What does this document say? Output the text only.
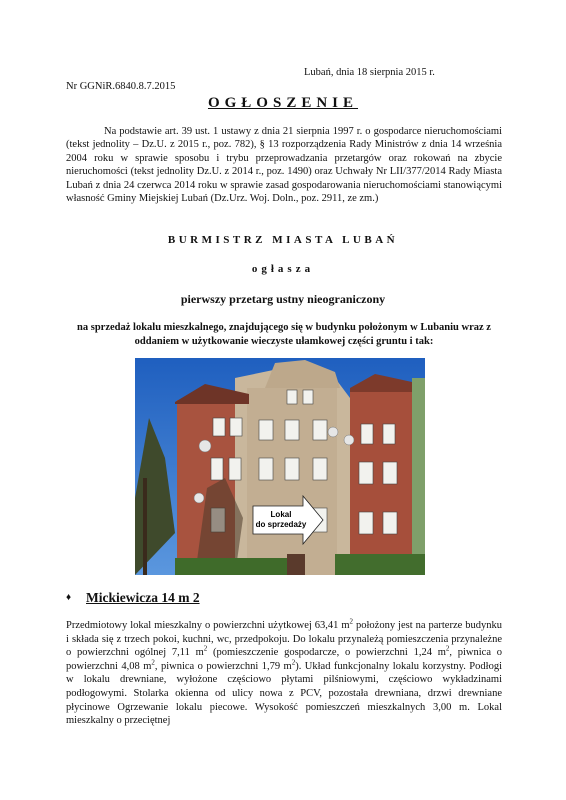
Lubań, dnia 18 sierpnia 2015 r.
Nr GGNiR.6840.8.7.2015
OGŁOSZENIE

Na podstawie art. 39 ust. 1 ustawy z dnia 21 sierpnia 1997 r. o gospodarce nieruchomościami (tekst jednolity – Dz.U. z 2015 r., poz. 782), § 13 rozporządzenia Rady Ministrów z dnia 14 września 2004 roku w sprawie sposobu i trybu przeprowadzania przetargów oraz rokowań na zbycie nieruchomości (tekst jednolity Dz.U. z 2014 r., poz. 1490) oraz Uchwały Nr LII/377/2014 Rady Miasta Lubań z dnia 24 czerwca 2014 roku w sprawie zasad gospodarowania nieruchomościami stanowiącymi własność Gminy Miejskiej Lubań (Dz.Urz. Woj. Doln., poz. 2911, ze zm.)

BURMISTRZ MIASTA LUBAŃ
ogłasza
pierwszy przetarg ustny nieograniczony

na sprzedaż lokalu mieszkalnego, znajdującego się w budynku położonym w Lubaniu wraz z oddaniem w użytkowanie wieczyste ułamkowej części gruntu i tak:

Lokal
do sprzedaży
♦ Mickiewicza 14 m 2

Przedmiotowy lokal mieszkalny o powierzchni użytkowej 63,41 $m^2$ położony jest na parterze budynku i składa się z trzech pokoi, kuchni, wc, przedpokoju. Do lokalu przynależą pomieszczenia przynależne o powierzchni ogólnej 7,11 $m^2$ (pomieszczenie gospodarcze, o powierzchni 1,24 $m^2$, piwnica o powierzchni 4,08 $m^2$, piwnica o powierzchni 1,79 $m^2$). Układ funkcjonalny lokalu korzystny. Podłogi w lokalu drewniane, wyłożone częściowo płytami pilśniowymi, częściowo wykładzinami podłogowymi. Stolarka okienna od ulicy nowa z PCV, pozostała drewniana, drzwi drewniane płycinowe Ogrzewanie lokalu piecowe. Wysokość pomieszczeń mieszkalnych 3,00 m. Lokal mieszkalny o przeciętnej
